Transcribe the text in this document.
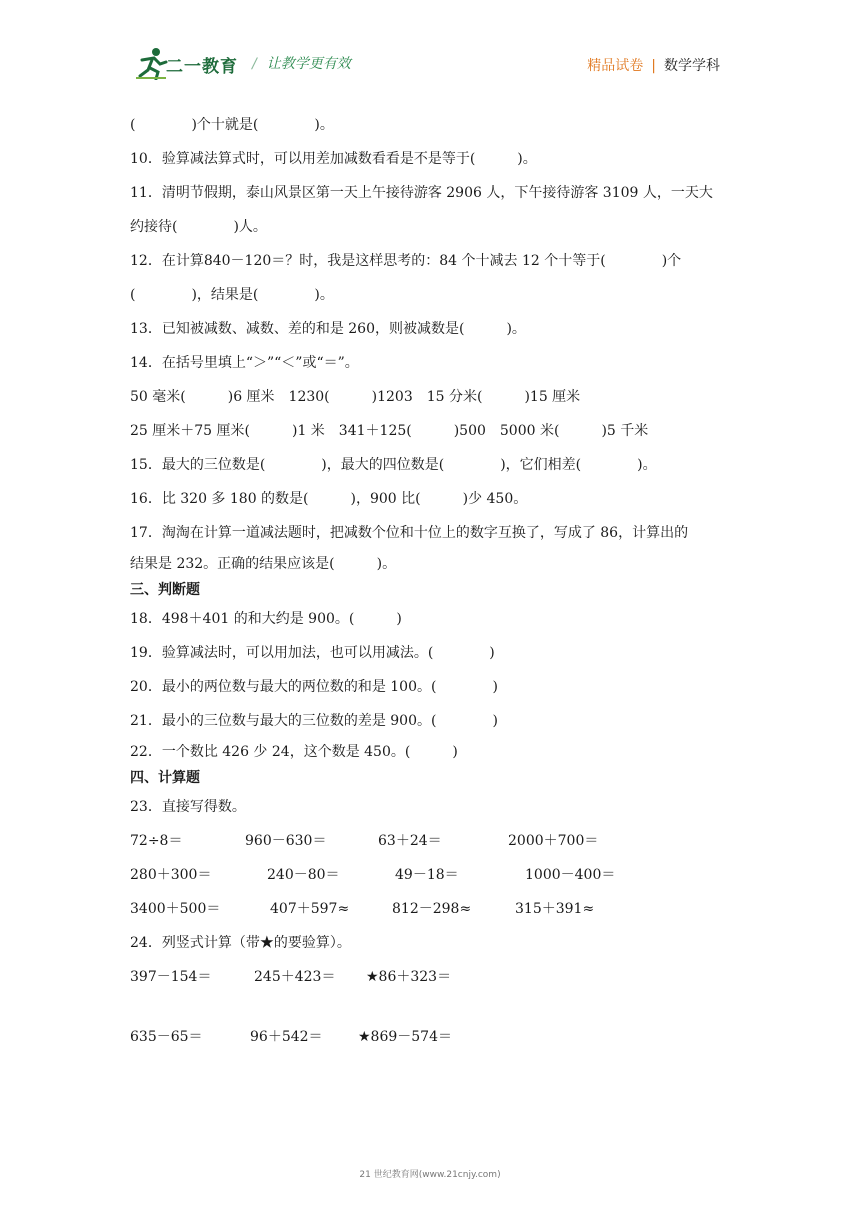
二一教育 / 让教学更有效	精品试卷 | 数学学科
(　　　　)个十就是(　　　　)。
10．验算减法算式时，可以用差加减数看看是不是等于(　　　)。
11．清明节假期，泰山风景区第一天上午接待游客 2906 人，下午接待游客 3109 人，一天大
约接待(　　　　)人。
12．在计算840－120＝？时，我是这样思考的：84 个十减去 12 个十等于(　　　　)个
(　　　　)，结果是(　　　　)。
13．已知被减数、减数、差的和是 260，则被减数是(　　　)。
14．在括号里填上“＞”“＜”或“＝”。
50 毫米(　　　)6 厘米　1230(　　　)1203　15 分米(　　　)15 厘米
25 厘米＋75 厘米(　　　)1 米　341＋125(　　　)500　5000 米(　　　)5 千米
15．最大的三位数是(　　　　)，最大的四位数是(　　　　)，它们相差(　　　　)。
16．比 320 多 180 的数是(　　　)，900 比(　　　)少 450。
17．淘淘在计算一道减法题时，把减数个位和十位上的数字互换了，写成了 86，计算出的
结果是 232。正确的结果应该是(　　　)。
三、判断题
18．498＋401 的和大约是 900。(　　　)
19．验算减法时，可以用加法，也可以用减法。(　　　　)
20．最小的两位数与最大的两位数的和是 100。(　　　　)
21．最小的三位数与最大的三位数的差是 900。(　　　　)
22．一个数比 426 少 24，这个数是 450。(　　　)
四、计算题
23．直接写得数。
72÷8＝	960－630＝	63＋24＝	2000＋700＝
280＋300＝	240－80＝	49－18＝	1000－400＝
3400＋500＝	407＋597≈	812－298≈	315＋391≈
24．列竖式计算（带★的要验算）。
397－154＝	245＋423＝ ★86＋323＝
635－65＝	96＋542＝	★869－574＝
21 世纪教育网(www.21cnjy.com)
